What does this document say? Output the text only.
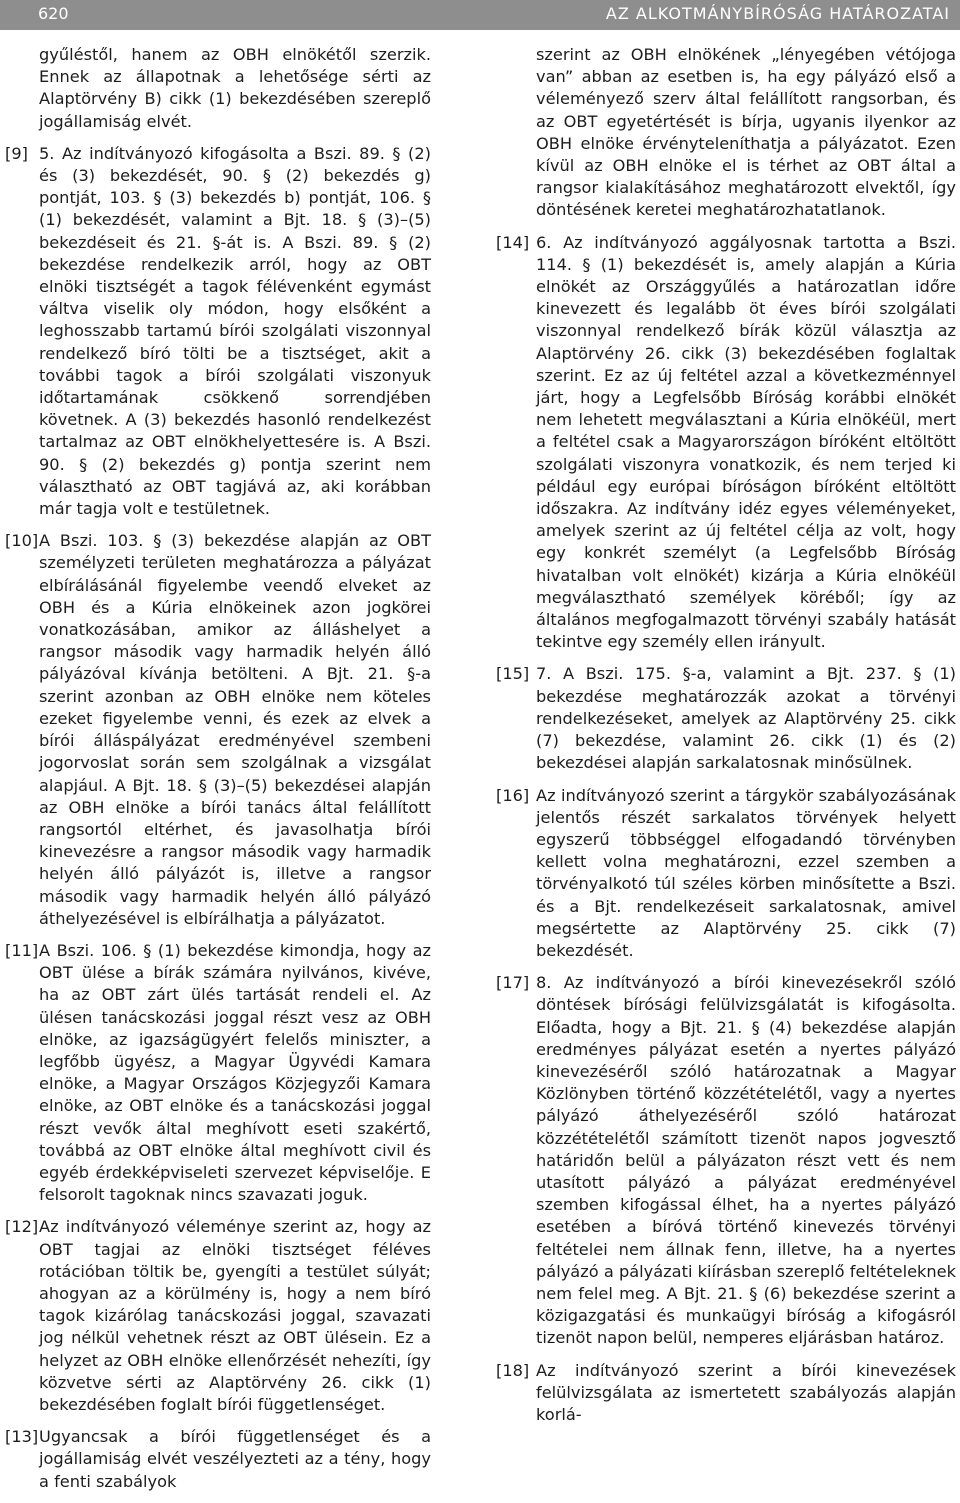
620	AZ ALKOTMÁNYBÍRÓSÁG HATÁROZATAI

gyűléstől, hanem az OBH elnökétől szerzik. Ennek az állapotnak a lehetősége sérti az Alaptörvény B) cikk (1) bekezdésében szereplő jogállamiság elvét.

[9] 5. Az indítványozó kifogásolta a Bszi. 89. § (2) és (3) bekezdését, 90. § (2) bekezdés g) pontját, 103. § (3) bekezdés b) pontját, 106. § (1) bekezdését, valamint a Bjt. 18. § (3)–(5) bekezdéseit és 21. §-át is. A Bszi. 89. § (2) bekezdése rendelkezik arról, hogy az OBT elnöki tisztségét a tagok félévenként egymást váltva viselik oly módon, hogy elsőként a leghosszabb tartamú bírói szolgálati viszonnyal rendelkező bíró tölti be a tisztséget, akit a további tagok a bírói szolgálati viszonyuk időtartamának csökkenő sorrendjében követnek. A (3) bekezdés hasonló rendelkezést tartalmaz az OBT elnökhelyettesére is. A Bszi. 90. § (2) bekezdés g) pontja szerint nem választható az OBT tagjává az, aki korábban már tagja volt e testületnek.

[10] A Bszi. 103. § (3) bekezdése alapján az OBT személyzeti területen meghatározza a pályázat elbírálásánál figyelembe veendő elveket az OBH és a Kúria elnökeinek azon jogkörei vonatkozásában, amikor az álláshelyet a rangsor második vagy harmadik helyén álló pályázóval kívánja betölteni. A Bjt. 21. §-a szerint azonban az OBH elnöke nem köteles ezeket figyelembe venni, és ezek az elvek a bírói álláspályázat eredményével szembeni jogorvoslat során sem szolgálnak a vizsgálat alapjául. A Bjt. 18. § (3)–(5) bekezdései alapján az OBH elnöke a bírói tanács által felállított rangsortól eltérhet, és javasolhatja bírói kinevezésre a rangsor második vagy harmadik helyén álló pályázót is, illetve a rangsor második vagy harmadik helyén álló pályázó áthelyezésével is elbírálhatja a pályázatot.

[11] A Bszi. 106. § (1) bekezdése kimondja, hogy az OBT ülése a bírák számára nyilvános, kivéve, ha az OBT zárt ülés tartását rendeli el. Az ülésen tanácskozási joggal részt vesz az OBH elnöke, az igazságügyért felelős miniszter, a legfőbb ügyész, a Magyar Ügyvédi Kamara elnöke, a Magyar Országos Közjegyzői Kamara elnöke, az OBT elnöke és a tanácskozási joggal részt vevők által meghívott eseti szakértő, továbbá az OBT elnöke által meghívott civil és egyéb érdekképviseleti szervezet képviselője. E felsorolt tagoknak nincs szavazati joguk.

[12] Az indítványozó véleménye szerint az, hogy az OBT tagjai az elnöki tisztséget féléves rotációban töltik be, gyengíti a testület súlyát; ahogyan az a körülmény is, hogy a nem bíró tagok kizárólag tanácskozási joggal, szavazati jog nélkül vehetnek részt az OBT ülésein. Ez a helyzet az OBH elnöke ellenőrzését nehezíti, így közvetve sérti az Alaptörvény 26. cikk (1) bekezdésében foglalt bírói függetlenséget.

[13] Ugyancsak a bírói függetlenséget és a jogállamiság elvét veszélyezteti az a tény, hogy a fenti szabályok

szerint az OBH elnökének „lényegében vétójoga van” abban az esetben is, ha egy pályázó első a véleményező szerv által felállított rangsorban, és az OBT egyetértését is bírja, ugyanis ilyenkor az OBH elnöke érvényteleníthatja a pályázatot. Ezen kívül az OBH elnöke el is térhet az OBT által a rangsor kialakításához meghatározott elvektől, így döntésének keretei meghatározhatatlanok.

[14] 6. Az indítványozó aggályosnak tartotta a Bszi. 114. § (1) bekezdését is, amely alapján a Kúria elnökét az Országgyűlés a határozatlan időre kinevezett és legalább öt éves bírói szolgálati viszonnyal rendelkező bírák közül választja az Alaptörvény 26. cikk (3) bekezdésében foglaltak szerint. Ez az új feltétel azzal a következménnyel járt, hogy a Legfelsőbb Bíróság korábbi elnökét nem lehetett megválasztani a Kúria elnökéül, mert a feltétel csak a Magyarországon bíróként eltöltött szolgálati viszonyra vonatkozik, és nem terjed ki például egy európai bíróságon bíróként eltöltött időszakra. Az indítvány idéz egyes véleményeket, amelyek szerint az új feltétel célja az volt, hogy egy konkrét személyt (a Legfelsőbb Bíróság hivatalban volt elnökét) kizárja a Kúria elnökéül megválasztható személyek köréből; így az általános megfogalmazott törvényi szabály hatását tekintve egy személy ellen irányult.

[15] 7. A Bszi. 175. §-a, valamint a Bjt. 237. § (1) bekezdése meghatározzák azokat a törvényi rendelkezéseket, amelyek az Alaptörvény 25. cikk (7) bekezdése, valamint 26. cikk (1) és (2) bekezdései alapján sarkalatosnak minősülnek.

[16] Az indítványozó szerint a tárgykör szabályozásának jelentős részét sarkalatos törvények helyett egyszerű többséggel elfogadandó törvényben kellett volna meghatározni, ezzel szemben a törvényalkotó túl széles körben minősítette a Bszi. és a Bjt. rendelkezéseit sarkalatosnak, amivel megsértette az Alaptörvény 25. cikk (7) bekezdését.

[17] 8. Az indítványozó a bírói kinevezésekről szóló döntések bírósági felülvizsgálatát is kifogásolta. Előadta, hogy a Bjt. 21. § (4) bekezdése alapján eredményes pályázat esetén a nyertes pályázó kinevezéséről szóló határozatnak a Magyar Közlönyben történő közzétételétől, vagy a nyertes pályázó áthelyezéséről szóló határozat közzétételétől számított tizenöt napos jogvesztő határidőn belül a pályázaton részt vett és nem utasított pályázó a pályázat eredményével szemben kifogással élhet, ha a nyertes pályázó esetében a bíróvá történő kinevezés törvényi feltételei nem állnak fenn, illetve, ha a nyertes pályázó a pályázati kiírásban szereplő feltételeknek nem felel meg. A Bjt. 21. § (6) bekezdése szerint a közigazgatási és munkaügyi bíróság a kifogásról tizenöt napon belül, nemperes eljárásban határoz.

[18] Az indítványozó szerint a bírói kinevezések felülvizsgálata az ismertetett szabályozás alapján korlá-
